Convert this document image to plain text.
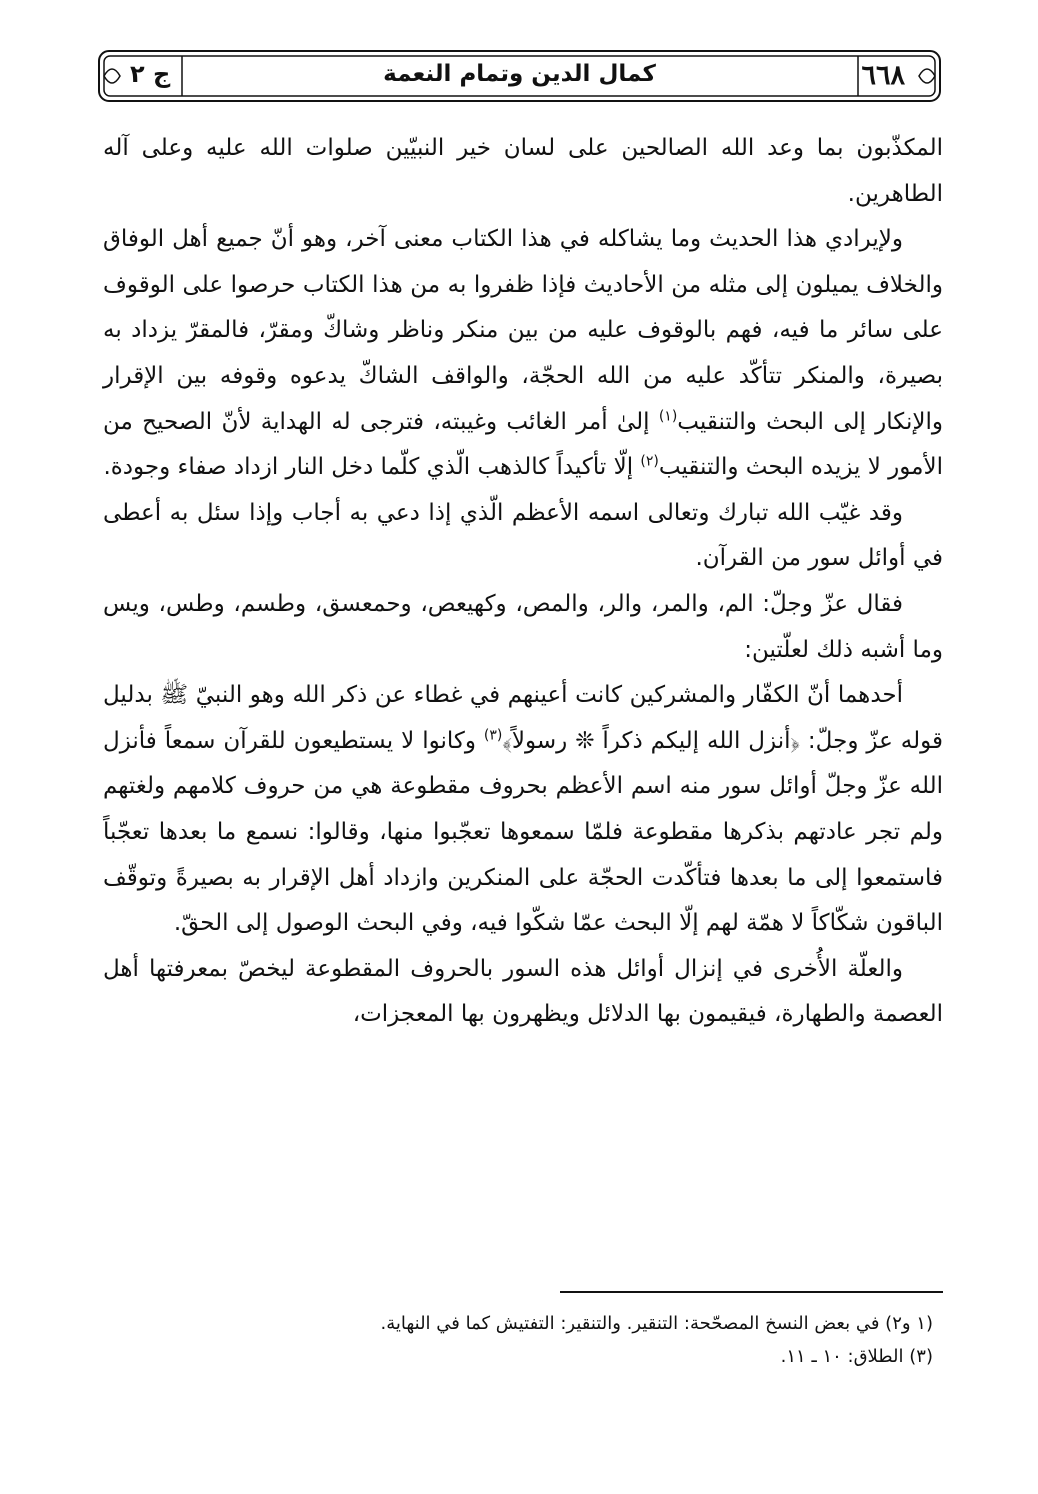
ج ٢	كمال الدين وتمام النعمة	٦٦٨

المكذّبون بما وعد الله الصالحين على لسان خير النبيّين صلوات الله عليه وعلى آله الطاهرين.

ولإيرادي هذا الحديث وما يشاكله في هذا الكتاب معنى آخر، وهو أنّ جميع أهل الوفاق والخلاف يميلون إلى مثله من الأحاديث فإذا ظفروا به من هذا الكتاب حرصوا على الوقوف على سائر ما فيه، فهم بالوقوف عليه من بين منكر وناظر وشاكّ ومقرّ، فالمقرّ يزداد به بصيرة، والمنكر تتأكّد عليه من الله الحجّة، والواقف الشاكّ يدعوه وقوفه بين الإقرار والإنكار إلى البحث والتنقيب$^{(١)}$ إلىٰ أمر الغائب وغيبته، فترجى له الهداية لأنّ الصحيح من الأمور لا يزيده البحث والتنقيب$^{(٢)}$ إلّا تأكيداً كالذهب الّذي كلّما دخل النار ازداد صفاء وجودة.

وقد غيّب الله تبارك وتعالى اسمه الأعظم الّذي إذا دعي به أجاب وإذا سئل به أعطى في أوائل سور من القرآن.

فقال عزّ وجلّ: الم، والمر، والر، والمص، وكهيعص، وحمعسق، وطسم، وطس، ويس وما أشبه ذلك لعلّتين:

أحدهما أنّ الكفّار والمشركين كانت أعينهم في غطاء عن ذكر الله وهو النبيّ ﷺ بدليل قوله عزّ وجلّ: ﴿أنزل الله إليكم ذكراً ❊ رسولاً﴾$^{(٣)}$ وكانوا لا يستطيعون للقرآن سمعاً فأنزل الله عزّ وجلّ أوائل سور منه اسم الأعظم بحروف مقطوعة هي من حروف كلامهم ولغتهم ولم تجر عادتهم بذكرها مقطوعة فلمّا سمعوها تعجّبوا منها، وقالوا: نسمع ما بعدها تعجّباً فاستمعوا إلى ما بعدها فتأكّدت الحجّة على المنكرين وازداد أهل الإقرار به بصيرةً وتوقّف الباقون شكّاكاً لا همّة لهم إلّا البحث عمّا شكّوا فيه، وفي البحث الوصول إلى الحقّ.

والعلّة الأُخرى في إنزال أوائل هذه السور بالحروف المقطوعة ليخصّ بمعرفتها أهل العصمة والطهارة، فيقيمون بها الدلائل ويظهرون بها المعجزات،

(١ و٢) في بعض النسخ المصحّحة: التنقير. والتنقير: التفتيش كما في النهاية.

(٣) الطلاق: ١٠ ـ ١١.
